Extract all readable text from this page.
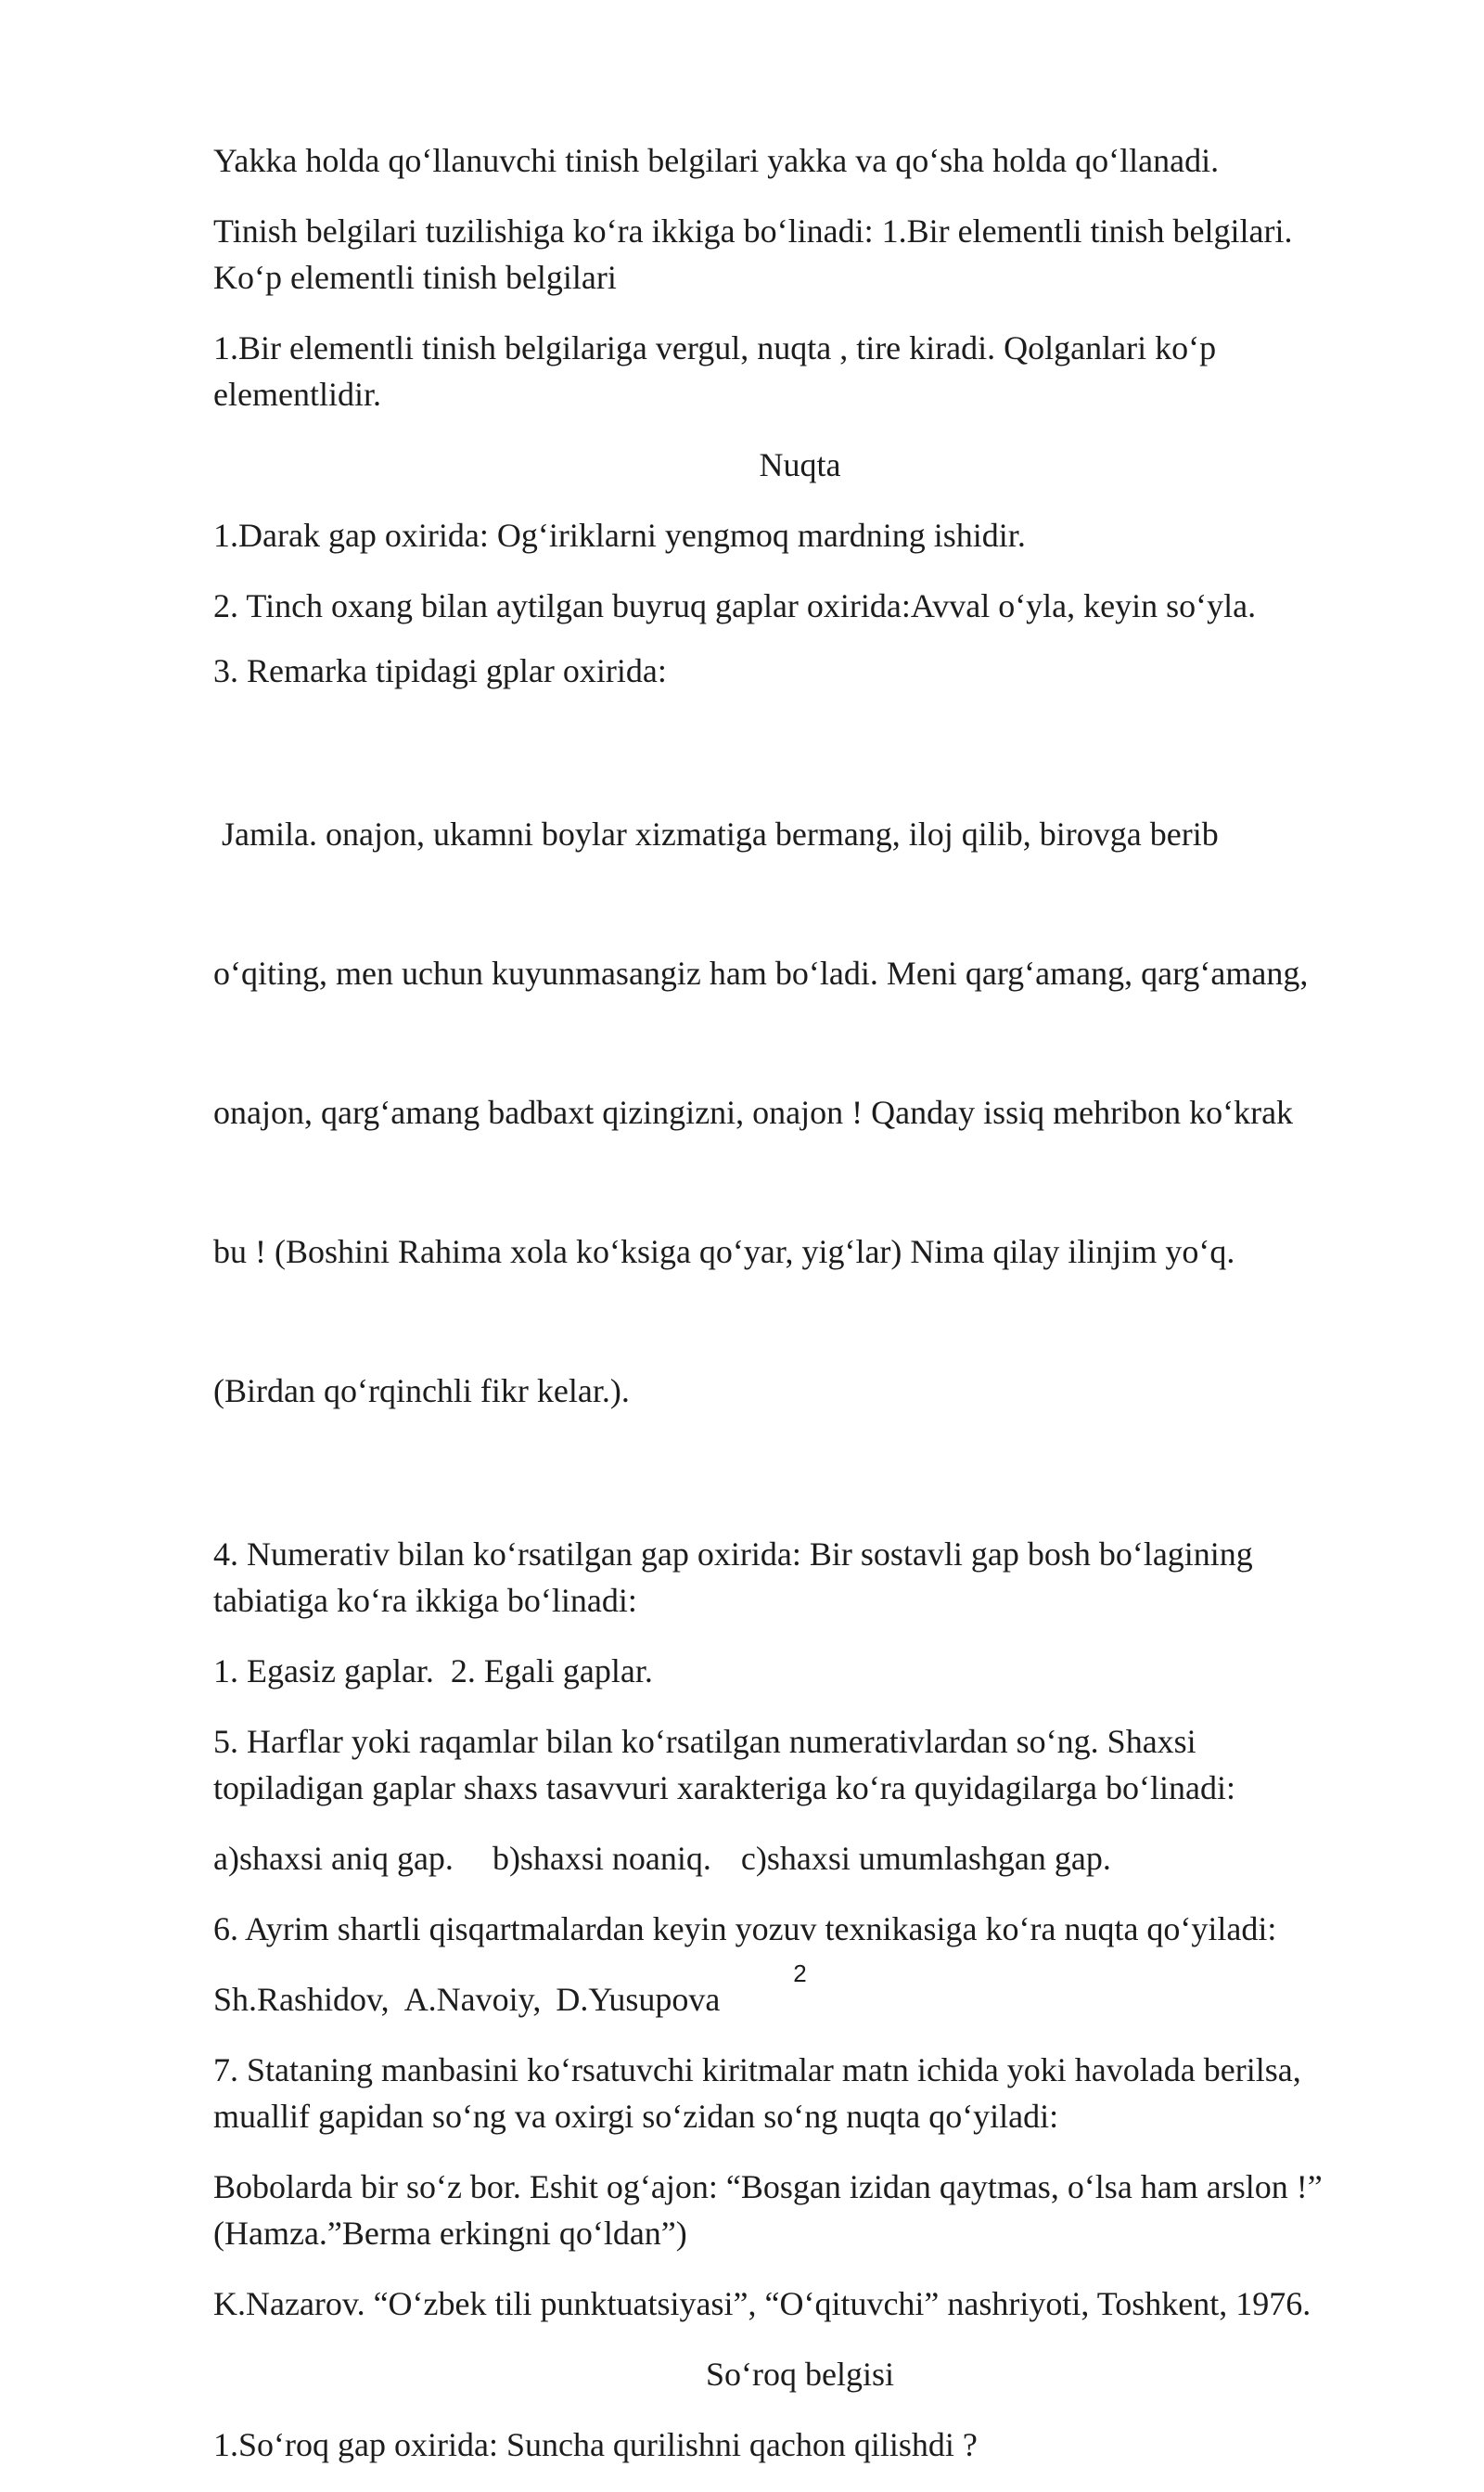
Yakka holda qo‘llanuvchi tinish belgilari yakka va qo‘sha holda qo‘llanadi.

Tinish belgilari tuzilishiga ko‘ra ikkiga bo‘linadi: 1.Bir elementli tinish belgilari.
Ko‘p elementli tinish belgilari

1.Bir elementli tinish belgilariga vergul, nuqta , tire kiradi. Qolganlari ko‘p
elementlidir.

Nuqta

1.Darak gap oxirida: Og‘iriklarni yengmoq mardning ishidir.

2. Tinch oxang bilan aytilgan buyruq gaplar oxirida:Avval o‘yla, keyin so‘yla.

3. Remarka tipidagi gplar oxirida:

Jamila. onajon, ukamni boylar xizmatiga bermang, iloj qilib, birovga berib

o‘qiting, men uchun kuyunmasangiz ham bo‘ladi. Meni qarg‘amang, qarg‘amang,

onajon, qarg‘amang badbaxt qizingizni, onajon ! Qanday issiq mehribon ko‘krak

bu ! (Boshini Rahima xola ko‘ksiga qo‘yar, yig‘lar) Nima qilay ilinjim yo‘q.

(Birdan qo‘rqinchli fikr kelar.).

4. Numerativ bilan ko‘rsatilgan gap oxirida: Bir sostavli gap bosh bo‘lagining
tabiatiga ko‘ra ikkiga bo‘linadi:

1. Egasiz gaplar. 2. Egali gaplar.

5. Harflar yoki raqamlar bilan ko‘rsatilgan numerativlardan so‘ng. Shaxsi
topiladigan gaplar shaxs tasavvuri xarakteriga ko‘ra quyidagilarga bo‘linadi:

a)shaxsi aniq gap. b)shaxsi noaniq. c)shaxsi umumlashgan gap.

6. Ayrim shartli qisqartmalardan keyin yozuv texnikasiga ko‘ra nuqta qo‘yiladi:

Sh.Rashidov, A.Navoiy, D.Yusupova

7. Stataning manbasini ko‘rsatuvchi kiritmalar matn ichida yoki havolada berilsa,
muallif gapidan so‘ng va oxirgi so‘zidan so‘ng nuqta qo‘yiladi:

Bobolarda bir so‘z bor. Eshit og‘ajon: “Bosgan izidan qaytmas, o‘lsa ham arslon !”
(Hamza.”Berma erkingni qo‘ldan”)

K.Nazarov. “O‘zbek tili punktuatsiyasi”, “O‘qituvchi” nashriyoti, Toshkent, 1976.

So‘roq belgisi

1.So‘roq gap oxirida: Suncha qurilishni qachon qilishdi ?

2
